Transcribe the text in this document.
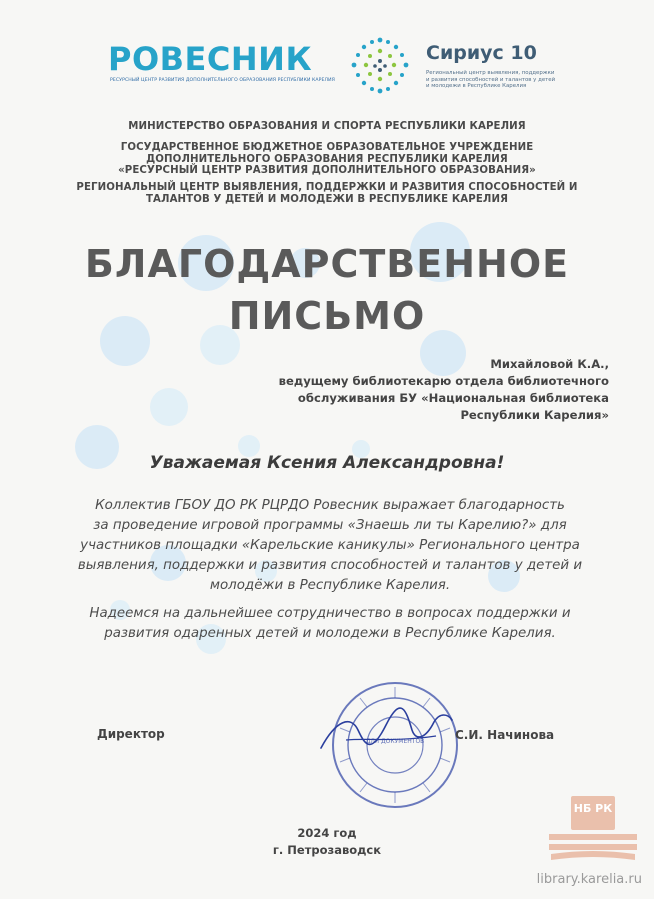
РОВЕСНИК
РЕСУРСНЫЙ ЦЕНТР РАЗВИТИЯ ДОПОЛНИТЕЛЬНОГО ОБРАЗОВАНИЯ РЕСПУБЛИКИ КАРЕЛИЯ
Сириус 10
Региональный центр выявления, поддержки и развития способностей и талантов у детей и молодежи в Республике Карелия
МИНИСТЕРСТВО ОБРАЗОВАНИЯ И СПОРТА РЕСПУБЛИКИ КАРЕЛИЯ
ГОСУДАРСТВЕННОЕ БЮДЖЕТНОЕ ОБРАЗОВАТЕЛЬНОЕ УЧРЕЖДЕНИЕ
ДОПОЛНИТЕЛЬНОГО ОБРАЗОВАНИЯ РЕСПУБЛИКИ КАРЕЛИЯ
«РЕСУРСНЫЙ ЦЕНТР РАЗВИТИЯ ДОПОЛНИТЕЛЬНОГО ОБРАЗОВАНИЯ»
РЕГИОНАЛЬНЫЙ ЦЕНТР ВЫЯВЛЕНИЯ, ПОДДЕРЖКИ И РАЗВИТИЯ СПОСОБНОСТЕЙ И
ТАЛАНТОВ У ДЕТЕЙ И МОЛОДЕЖИ В РЕСПУБЛИКЕ КАРЕЛИЯ
БЛАГОДАРСТВЕННОЕ
ПИСЬМО
Михайловой К.А.,
ведущему библиотекарю отдела библиотечного
обслуживания БУ «Национальная библиотека
Республики Карелия»
Уважаемая Ксения Александровна!
Коллектив ГБОУ ДО РК РЦРДО Ровесник выражает благодарность
за проведение игровой программы «Знаешь ли ты Карелию?» для
участников площадки «Карельские каникулы» Регионального центра
выявления, поддержки и развития способностей и талантов у детей и
молодёжи в Республике Карелия.
Надеемся на дальнейшее сотрудничество в вопросах поддержки и
развития одаренных детей и молодежи в Республике Карелия.
ДЛЯ ДОКУМЕНТОВ
Директор	С.И. Начинова
2024 год
г. Петрозаводск
НБ РК
library.karelia.ru
